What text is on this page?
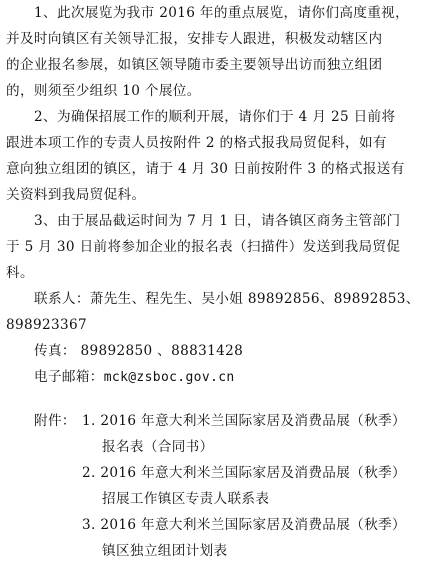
1、此次展览为我市 2016 年的重点展览，请你们高度重视，
并及时向镇区有关领导汇报，安排专人跟进，积极发动辖区内
的企业报名参展，如镇区领导随市委主要领导出访而独立组团
的，则须至少组织 10 个展位。
2、为确保招展工作的顺利开展，请你们于 4 月 25 日前将
跟进本项工作的专责人员按附件 2 的格式报我局贸促科，如有
意向独立组团的镇区，请于 4 月 30 日前按附件 3 的格式报送有
关资料到我局贸促科。
3、由于展品截运时间为 7 月 1 日，请各镇区商务主管部门
于 5 月 30 日前将参加企业的报名表（扫描件）发送到我局贸促
科。
联系人：萧先生、程先生、吴小姐 89892856、89892853、
898923367
传真： 89892850 、88831428
电子邮箱：mck@zsboc.gov.cn
附件： 1. 2016 年意大利米兰国际家居及消费品展（秋季）
报名表（合同书）
2. 2016 年意大利米兰国际家居及消费品展（秋季）
招展工作镇区专责人联系表
3. 2016 年意大利米兰国际家居及消费品展（秋季）
镇区独立组团计划表
